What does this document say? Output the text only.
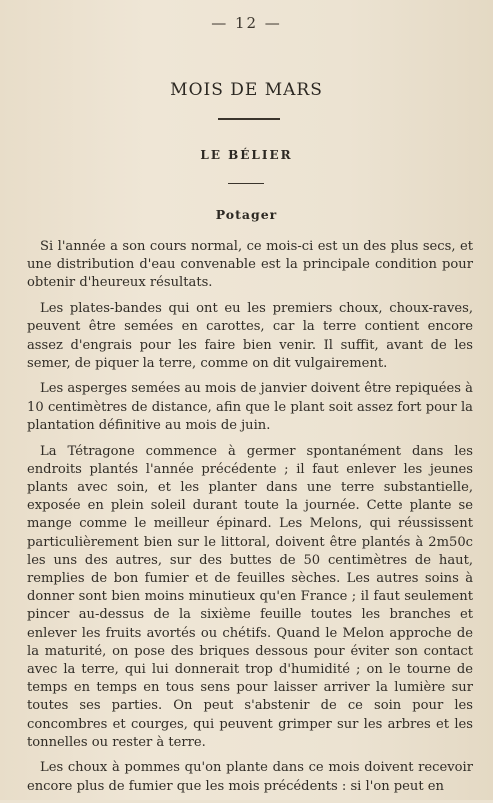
— 12 —
MOIS DE MARS
LE BÉLIER
Potager

Si l'année a son cours normal, ce mois-ci est un des plus secs, et une distribution d'eau convenable est la principale condition pour obtenir d'heureux résultats.

Les plates-bandes qui ont eu les premiers choux, choux-raves, peuvent être semées en carottes, car la terre contient encore assez d'engrais pour les faire bien venir. Il suffit, avant de les semer, de piquer la terre, comme on dit vulgairement.

Les asperges semées au mois de janvier doivent être repiquées à 10 centimètres de distance, afin que le plant soit assez fort pour la plantation définitive au mois de juin.

La Tétragone commence à germer spontanément dans les endroits plantés l'année précédente ; il faut enlever les jeunes plants avec soin, et les planter dans une terre substantielle, exposée en plein soleil durant toute la journée. Cette plante se mange comme le meilleur épinard. Les Melons, qui réussissent particulièrement bien sur le littoral, doivent être plantés à 2m50c les uns des autres, sur des buttes de 50 centimètres de haut, remplies de bon fumier et de feuilles sèches. Les autres soins à donner sont bien moins minutieux qu'en France ; il faut seulement pincer au-dessus de la sixième feuille toutes les branches et enlever les fruits avortés ou chétifs. Quand le Melon approche de la maturité, on pose des briques dessous pour éviter son contact avec la terre, qui lui donnerait trop d'humidité ; on le tourne de temps en temps en tous sens pour laisser arriver la lumière sur toutes ses parties. On peut s'abstenir de ce soin pour les concombres et courges, qui peuvent grimper sur les arbres et les tonnelles ou rester à terre.

Les choux à pommes qu'on plante dans ce mois doivent recevoir encore plus de fumier que les mois précédents : si l'on peut en
